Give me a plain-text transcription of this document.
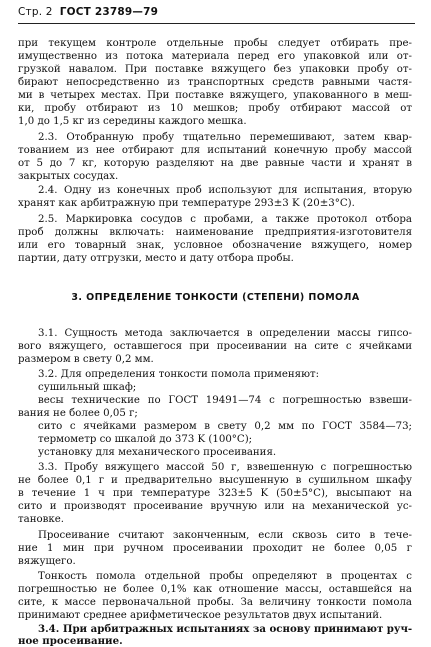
Стр. 2 ГОСТ 23789—79
при текущем контроле отдельные пробы следует отбирать пре-
имущественно из потока материала перед его упаковкой или от-
грузкой навалом. При поставке вяжущего без упаковки пробу от-
бирают непосредственно из транспортных средств равными частя-
ми в четырех местах. При поставке вяжущего, упакованного в меш-
ки, пробу отбирают из 10 мешков; пробу отбирают массой от
1,0 до 1,5 кг из середины каждого мешка.
2.3. Отобранную пробу тщательно перемешивают, затем квар-
тованием из нее отбирают для испытаний конечную пробу массой
от 5 до 7 кг, которую разделяют на две равные части и хранят в
закрытых сосудах.
2.4. Одну из конечных проб используют для испытания, вторую
хранят как арбитражную при температуре 293±3 K (20±3°С).
2.5. Маркировка сосудов с пробами, а также протокол отбора
проб должны включать: наименование предприятия-изготовителя
или его товарный знак, условное обозначение вяжущего, номер
партии, дату отгрузки, место и дату отбора пробы.
3. ОПРЕДЕЛЕНИЕ ТОНКОСТИ (СТЕПЕНИ) ПОМОЛА
3.1. Сущность метода заключается в определении массы гипсо-
вого вяжущего, оставшегося при просеивании на сите с ячейками
размером в свету 0,2 мм.
3.2. Для определения тонкости помола применяют:
сушильный шкаф;
весы технические по ГОСТ 19491—74 с погрешностью взвеши-
вания не более 0,05 г;
сито с ячейками размером в свету 0,2 мм по ГОСТ 3584—73;
термометр со шкалой до 373 K (100°С);
установку для механического просеивания.
3.3. Пробу вяжущего массой 50 г, взвешенную с погрешностью
не более 0,1 г и предварительно высушенную в сушильном шкафу
в течение 1 ч при температуре 323±5 K (50±5°С), высыпают на
сито и производят просеивание вручную или на механической ус-
тановке.
Просеивание считают законченным, если сквозь сито в тече-
ние 1 мин при ручном просеивании проходит не более 0,05 г
вяжущего.
Тонкость помола отдельной пробы определяют в процентах с
погрешностью не более 0,1% как отношение массы, оставшейся на
сите, к массе первоначальной пробы. За величину тонкости помола
принимают среднее арифметическое результатов двух испытаний.
3.4. При арбитражных испытаниях за основу принимают руч-
ное просеивание.
